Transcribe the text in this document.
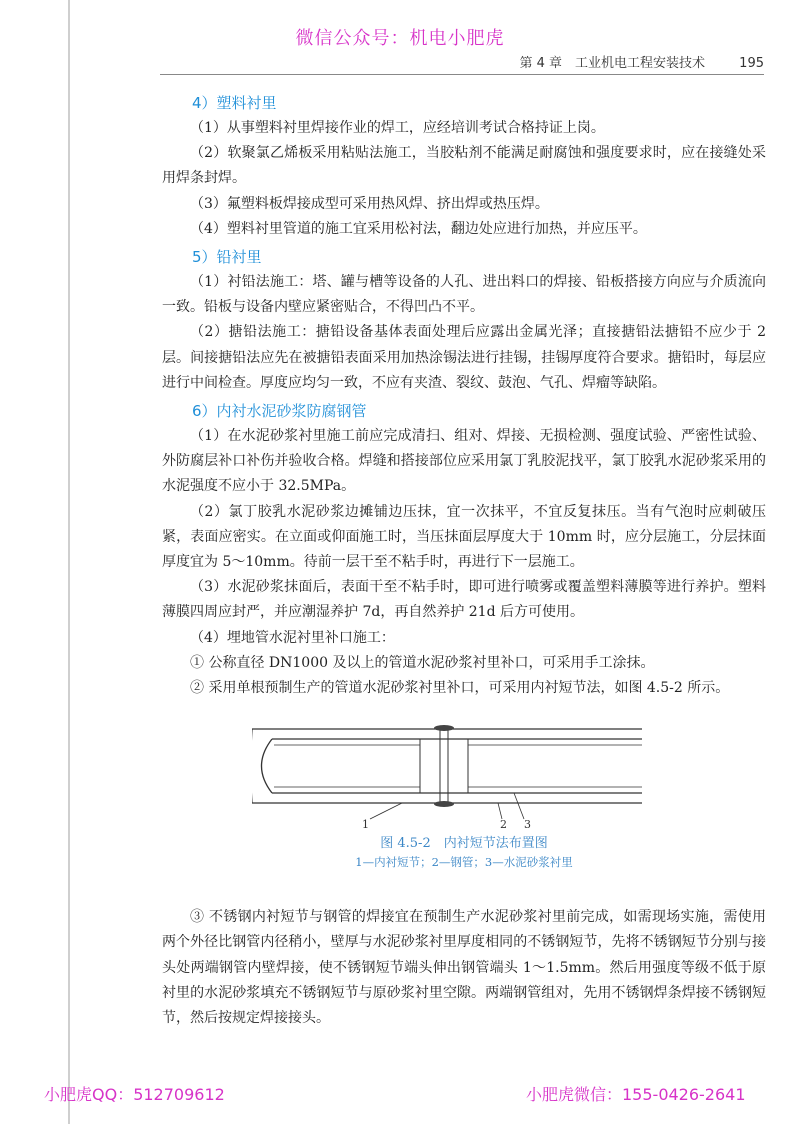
微信公众号：机电小肥虎
第 4 章　工业机电工程安装技术	195
4）塑料衬里

（1）从事塑料衬里焊接作业的焊工，应经培训考试合格持证上岗。

（2）软聚氯乙烯板采用粘贴法施工，当胶粘剂不能满足耐腐蚀和强度要求时，应在接缝处采用焊条封焊。

（3）氟塑料板焊接成型可采用热风焊、挤出焊或热压焊。

（4）塑料衬里管道的施工宜采用松衬法，翻边处应进行加热，并应压平。

5）铅衬里

（1）衬铅法施工：塔、罐与槽等设备的人孔、进出料口的焊接、铅板搭接方向应与介质流向一致。铅板与设备内壁应紧密贴合，不得凹凸不平。

（2）搪铅法施工：搪铅设备基体表面处理后应露出金属光泽；直接搪铅法搪铅不应少于 2 层。间接搪铅法应先在被搪铅表面采用加热涂锡法进行挂锡，挂锡厚度符合要求。搪铅时，每层应进行中间检查。厚度应均匀一致，不应有夹渣、裂纹、鼓泡、气孔、焊瘤等缺陷。

6）内衬水泥砂浆防腐钢管

（1）在水泥砂浆衬里施工前应完成清扫、组对、焊接、无损检测、强度试验、严密性试验、外防腐层补口补伤并验收合格。焊缝和搭接部位应采用氯丁乳胶泥找平，氯丁胶乳水泥砂浆采用的水泥强度不应小于 32.5MPa。

（2）氯丁胶乳水泥砂浆边摊铺边压抹，宜一次抹平，不宜反复抹压。当有气泡时应刺破压紧，表面应密实。在立面或仰面施工时，当压抹面层厚度大于 10mm 时，应分层施工，分层抹面厚度宜为 5～10mm。待前一层干至不粘手时，再进行下一层施工。

（3）水泥砂浆抹面后，表面干至不粘手时，即可进行喷雾或覆盖塑料薄膜等进行养护。塑料薄膜四周应封严，并应潮湿养护 7d，再自然养护 21d 后方可使用。

（4）埋地管水泥衬里补口施工：

① 公称直径 DN1000 及以上的管道水泥砂浆衬里补口，可采用手工涂抹。

② 采用单根预制生产的管道水泥砂浆衬里补口，可采用内衬短节法，如图 4.5-2 所示。

1	2 3
图 4.5-2　内衬短节法布置图
1—内衬短节；2—钢管；3—水泥砂浆衬里

③ 不锈钢内衬短节与钢管的焊接宜在预制生产水泥砂浆衬里前完成，如需现场实施，需使用两个外径比钢管内径稍小，壁厚与水泥砂浆衬里厚度相同的不锈钢短节，先将不锈钢短节分别与接头处两端钢管内壁焊接，使不锈钢短节端头伸出钢管端头 1～1.5mm。然后用强度等级不低于原衬里的水泥砂浆填充不锈钢短节与原砂浆衬里空隙。两端钢管组对，先用不锈钢焊条焊接不锈钢短节，然后按规定焊接接头。

小肥虎QQ：512709612	小肥虎微信：155-0426-2641
